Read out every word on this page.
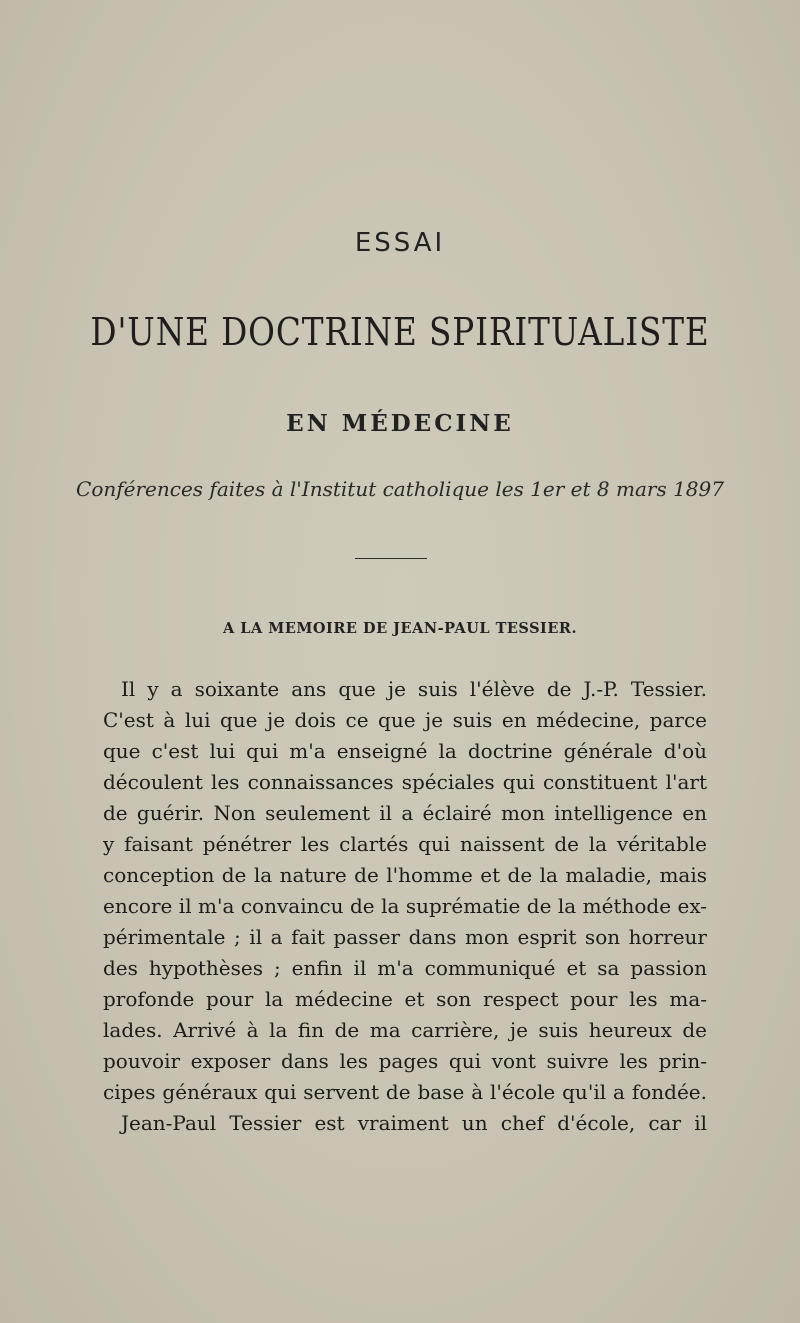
ESSAI
D'UNE DOCTRINE SPIRITUALISTE
EN MÉDECINE
Conférences faites à l'Institut catholique les 1er et 8 mars 1897
A LA MEMOIRE DE JEAN-PAUL TESSIER.
Il y a soixante ans que je suis l'élève de J.-P. Tessier.
C'est à lui que je dois ce que je suis en médecine, parce
que c'est lui qui m'a enseigné la doctrine générale d'où
découlent les connaissances spéciales qui constituent l'art
de guérir. Non seulement il a éclairé mon intelligence en
y faisant pénétrer les clartés qui naissent de la véritable
conception de la nature de l'homme et de la maladie, mais
encore il m'a convaincu de la suprématie de la méthode ex-
périmentale ; il a fait passer dans mon esprit son horreur
des hypothèses ; enfin il m'a communiqué et sa passion
profonde pour la médecine et son respect pour les ma-
lades. Arrivé à la fin de ma carrière, je suis heureux de
pouvoir exposer dans les pages qui vont suivre les prin-
cipes généraux qui servent de base à l'école qu'il a fondée.
Jean-Paul Tessier est vraiment un chef d'école, car il
